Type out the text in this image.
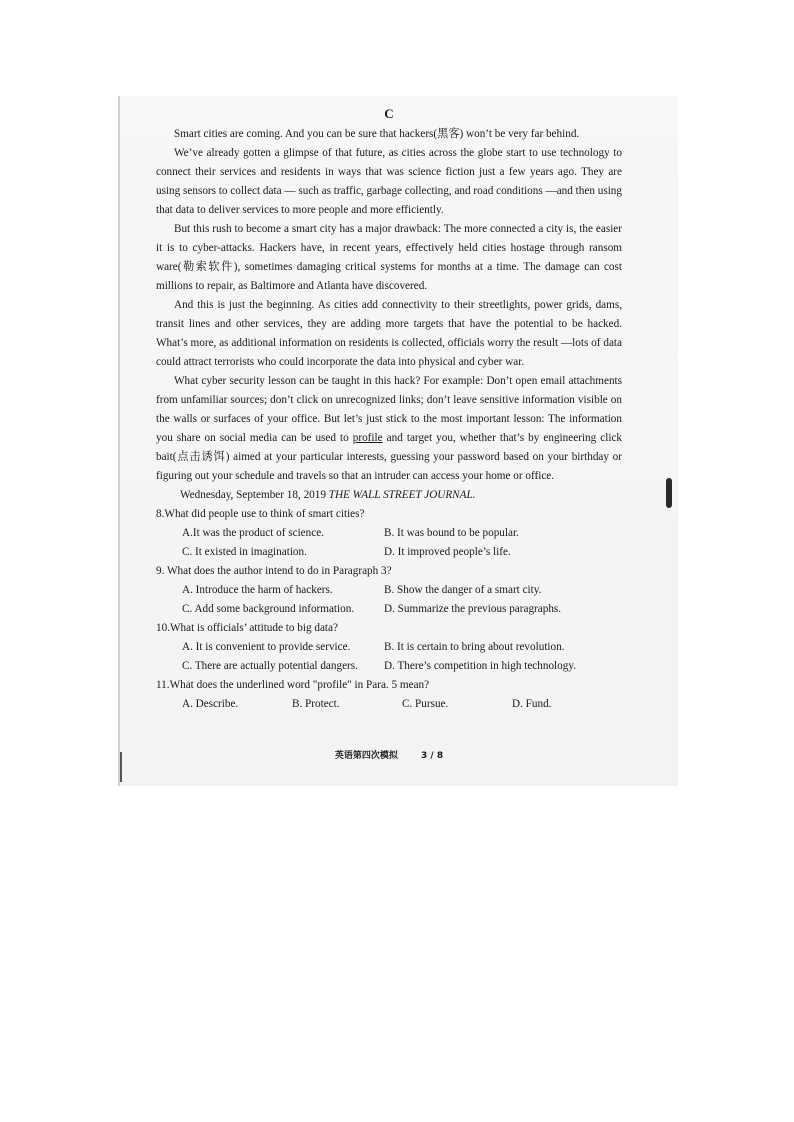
C

Smart cities are coming. And you can be sure that hackers(黑客) won’t be very far behind.

We’ve already gotten a glimpse of that future, as cities across the globe start to use technology to connect their services and residents in ways that was science fiction just a few years ago. They are using sensors to collect data — such as traffic, garbage collecting, and road conditions —and then using that data to deliver services to more people and more efficiently.

But this rush to become a smart city has a major drawback: The more connected a city is, the easier it is to cyber-attacks. Hackers have, in recent years, effectively held cities hostage through ransom ware(勒索软件), sometimes damaging critical systems for months at a time. The damage can cost millions to repair, as Baltimore and Atlanta have discovered.

And this is just the beginning. As cities add connectivity to their streetlights, power grids, dams, transit lines and other services, they are adding more targets that have the potential to be hacked. What’s more, as additional information on residents is collected, officials worry the result —lots of data could attract terrorists who could incorporate the data into physical and cyber war.

What cyber security lesson can be taught in this hack? For example: Don’t open email attachments from unfamiliar sources; don’t click on unrecognized links; don’t leave sensitive information visible on the walls or surfaces of your office. But let’s just stick to the most important lesson: The information you share on social media can be used to profile and target you, whether that’s by engineering click bait(点击诱饵) aimed at your particular interests, guessing your password based on your birthday or figuring out your schedule and travels so that an intruder can access your home or office.

Wednesday, September 18, 2019 THE WALL STREET JOURNAL.

8.What did people use to think of smart cities?

A.It was the product of science.	B. It was bound to be popular.
C. It existed in imagination.	D. It improved people’s life.

9. What does the author intend to do in Paragraph 3?

A. Introduce the harm of hackers.	B. Show the danger of a smart city.
C. Add some background information.	D. Summarize the previous paragraphs.

10.What is officials’ attitude to big data?

A. It is convenient to provide service.	B. It is certain to bring about revolution.
C. There are actually potential dangers.	D. There’s competition in high technology.

11.What does the underlined word "profile" in Para. 5 mean?

A. Describe.	B. Protect.	C. Pursue.	D. Fund.
英语第四次模拟	3 / 8
